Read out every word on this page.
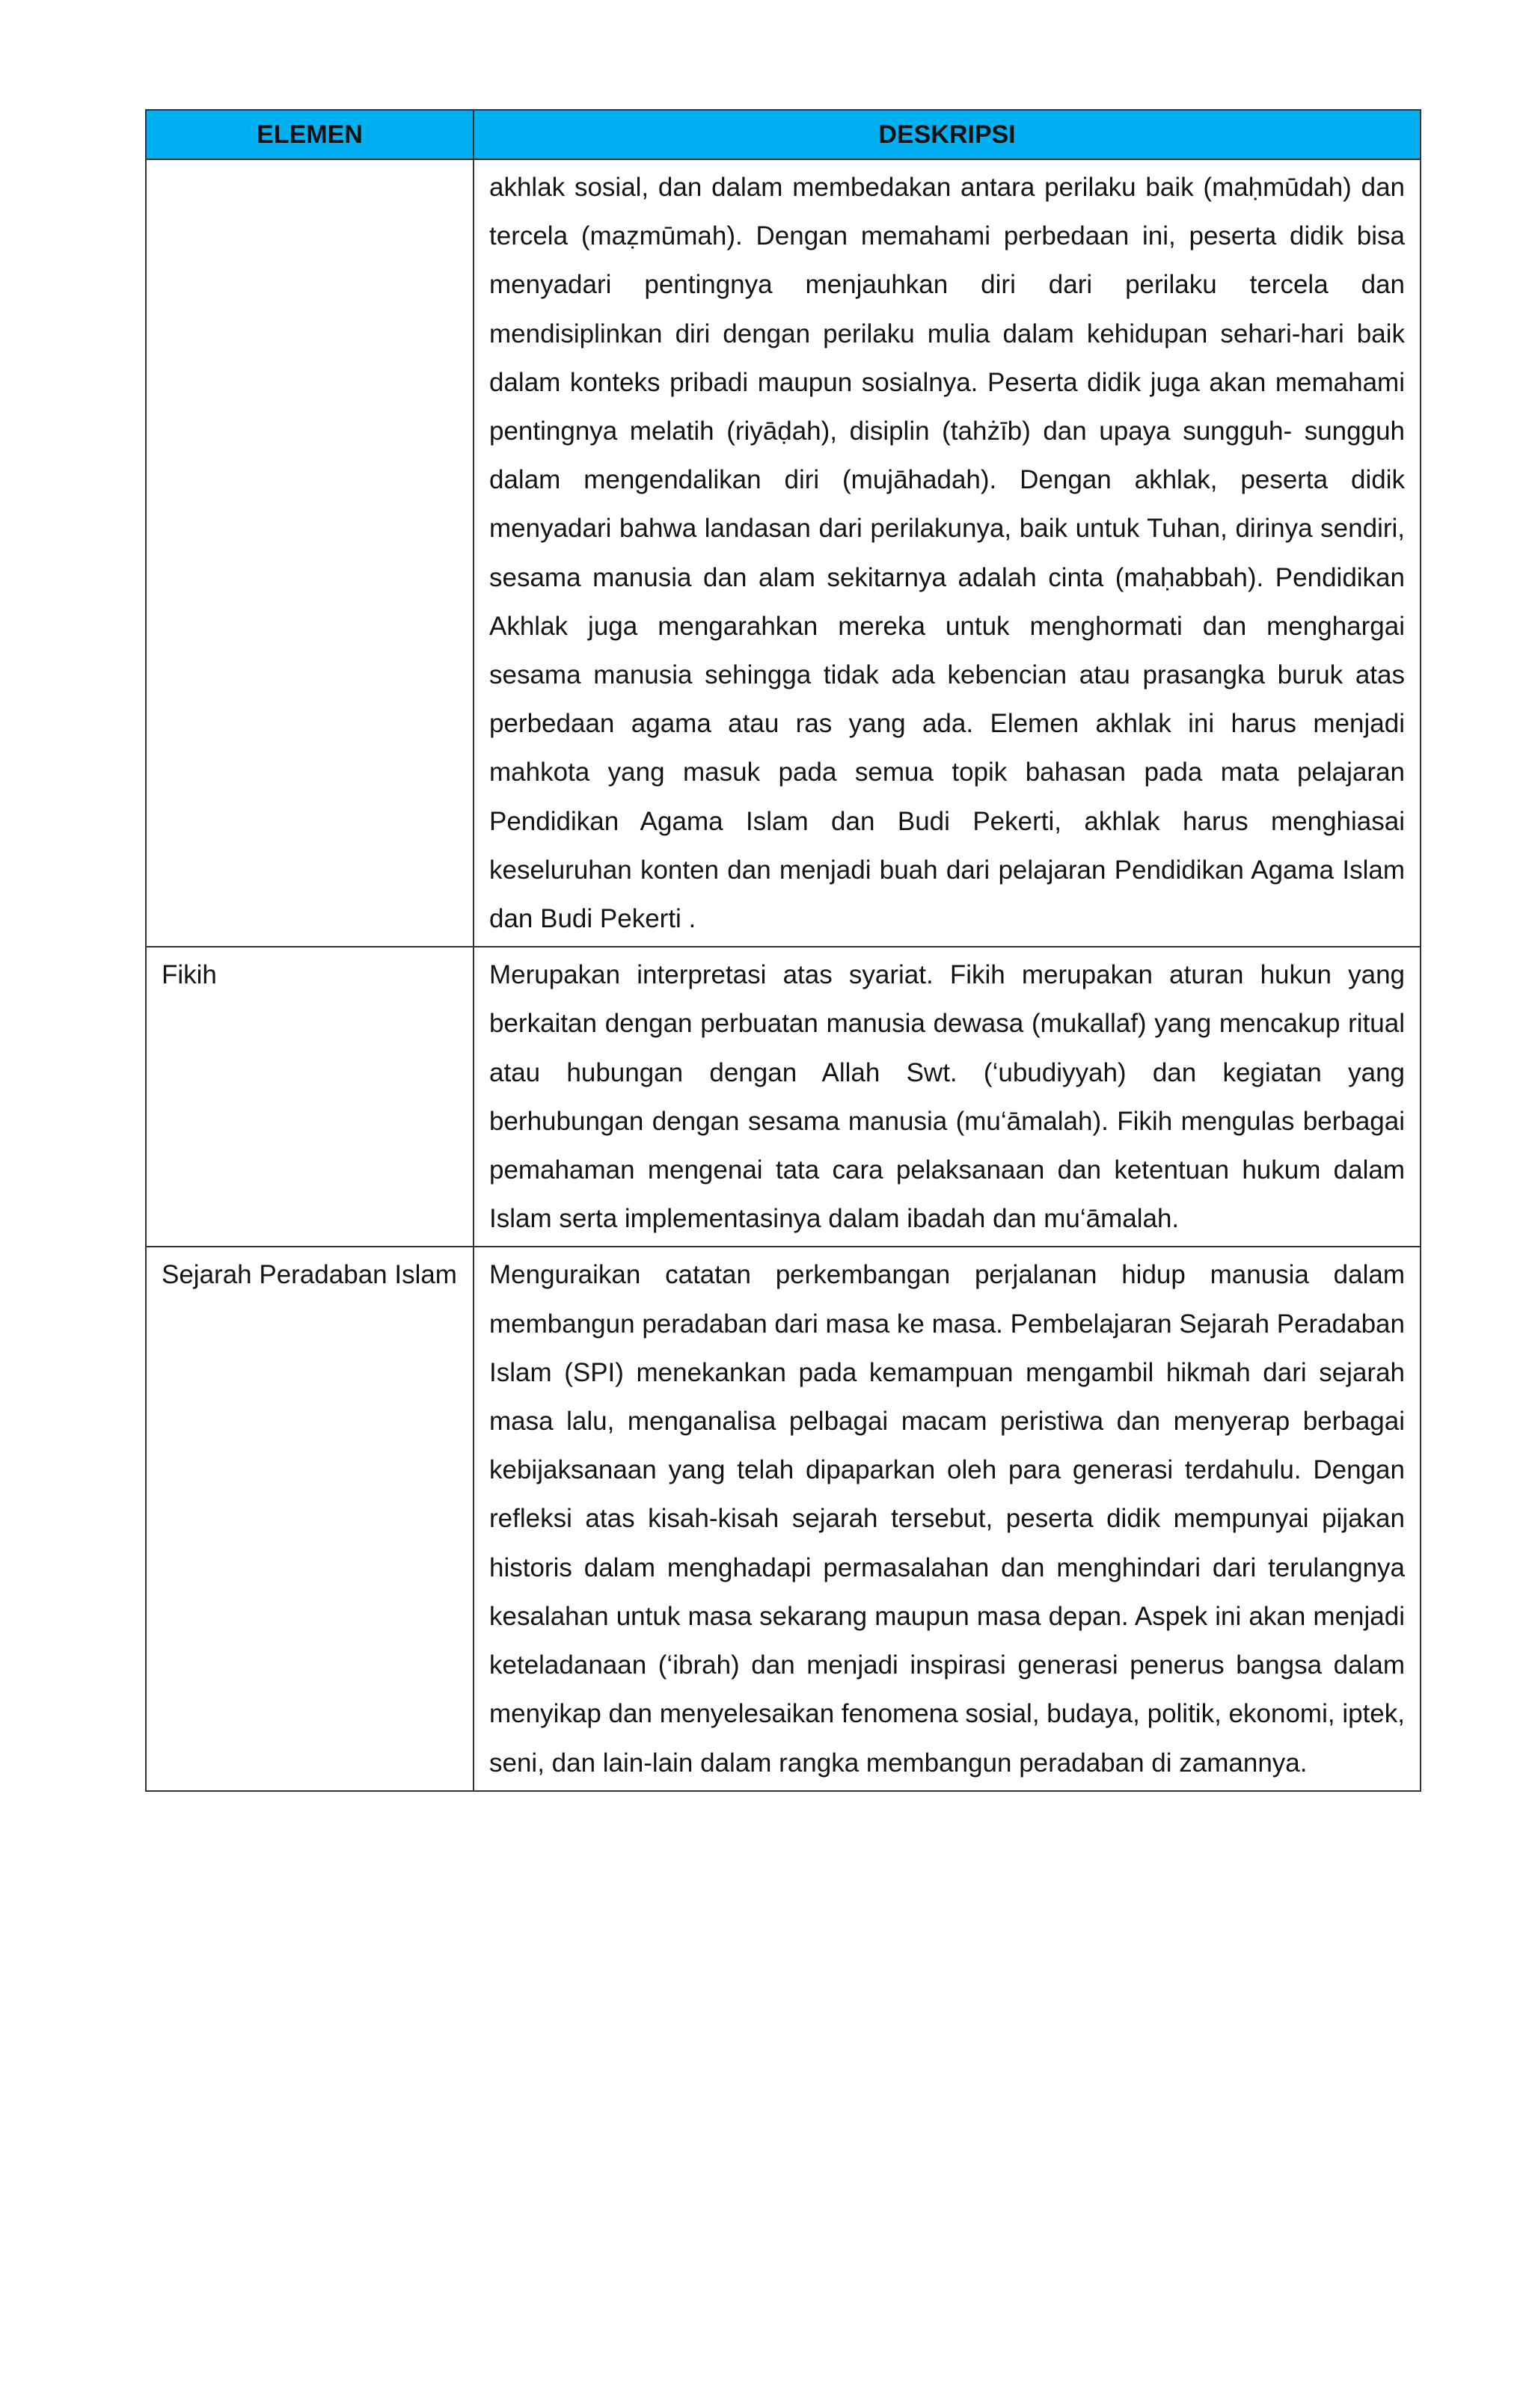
ELEMEN	DESKRIPSI

	akhlak sosial, dan dalam membedakan antara perilaku baik (maḥmūdah) dan tercela (maẓmūmah). Dengan memahami perbedaan ini, peserta didik bisa menyadari pentingnya menjauhkan diri dari perilaku tercela dan mendisiplinkan diri dengan perilaku mulia dalam kehidupan sehari-hari baik dalam konteks pribadi maupun sosialnya. Peserta didik juga akan memahami pentingnya melatih (riyāḍah), disiplin (tahżīb) dan upaya sungguh- sungguh dalam mengendalikan diri (mujāhadah). Dengan akhlak, peserta didik menyadari bahwa landasan dari perilakunya, baik untuk Tuhan, dirinya sendiri, sesama manusia dan alam sekitarnya adalah cinta (maḥabbah). Pendidikan Akhlak juga mengarahkan mereka untuk menghormati dan menghargai sesama manusia sehingga tidak ada kebencian atau prasangka buruk atas perbedaan agama atau ras yang ada. Elemen akhlak ini harus menjadi mahkota yang masuk pada semua topik bahasan pada mata pelajaran Pendidikan Agama Islam dan Budi Pekerti, akhlak harus menghiasai keseluruhan konten dan menjadi buah dari pelajaran Pendidikan Agama Islam dan Budi Pekerti .

Fikih	Merupakan interpretasi atas syariat. Fikih merupakan aturan hukun yang berkaitan dengan perbuatan manusia dewasa (mukallaf) yang mencakup ritual atau hubungan dengan Allah Swt. (‘ubudiyyah) dan kegiatan yang berhubungan dengan sesama manusia (mu‘āmalah). Fikih mengulas berbagai pemahaman mengenai tata cara pelaksanaan dan ketentuan hukum dalam Islam serta implementasinya dalam ibadah dan mu‘āmalah.

Sejarah Peradaban Islam	Menguraikan catatan perkembangan perjalanan hidup manusia dalam membangun peradaban dari masa ke masa. Pembelajaran Sejarah Peradaban Islam (SPI) menekankan pada kemampuan mengambil hikmah dari sejarah masa lalu, menganalisa pelbagai macam peristiwa dan menyerap berbagai kebijaksanaan yang telah dipaparkan oleh para generasi terdahulu. Dengan refleksi atas kisah-kisah sejarah tersebut, peserta didik mempunyai pijakan historis dalam menghadapi permasalahan dan menghindari dari terulangnya kesalahan untuk masa sekarang maupun masa depan. Aspek ini akan menjadi keteladanaan (‘ibrah) dan menjadi inspirasi generasi penerus bangsa dalam menyikap dan menyelesaikan fenomena sosial, budaya, politik, ekonomi, iptek, seni, dan lain-lain dalam rangka membangun peradaban di zamannya.
